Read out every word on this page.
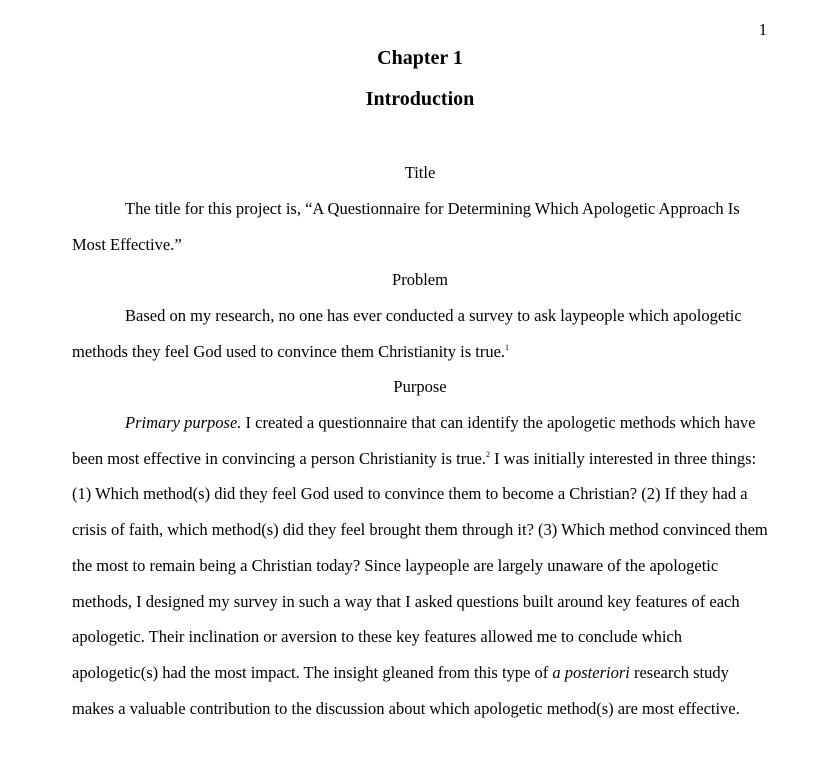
1
Chapter 1
Introduction
Title

The title for this project is, “A Questionnaire for Determining Which Apologetic Approach Is Most Effective.”

Problem

Based on my research, no one has ever conducted a survey to ask laypeople which apologetic methods they feel God used to convince them Christianity is true.$^1$

Purpose

Primary purpose. I created a questionnaire that can identify the apologetic methods which have been most effective in convincing a person Christianity is true.$^2$ I was initially interested in three things: (1) Which method(s) did they feel God used to convince them to become a Christian? (2) If they had a crisis of faith, which method(s) did they feel brought them through it? (3) Which method convinced them the most to remain being a Christian today? Since laypeople are largely unaware of the apologetic methods, I designed my survey in such a way that I asked questions built around key features of each apologetic. Their inclination or aversion to these key features allowed me to conclude which apologetic(s) had the most impact. The insight gleaned from this type of a posteriori research study makes a valuable contribution to the discussion about which apologetic method(s) are most effective.
